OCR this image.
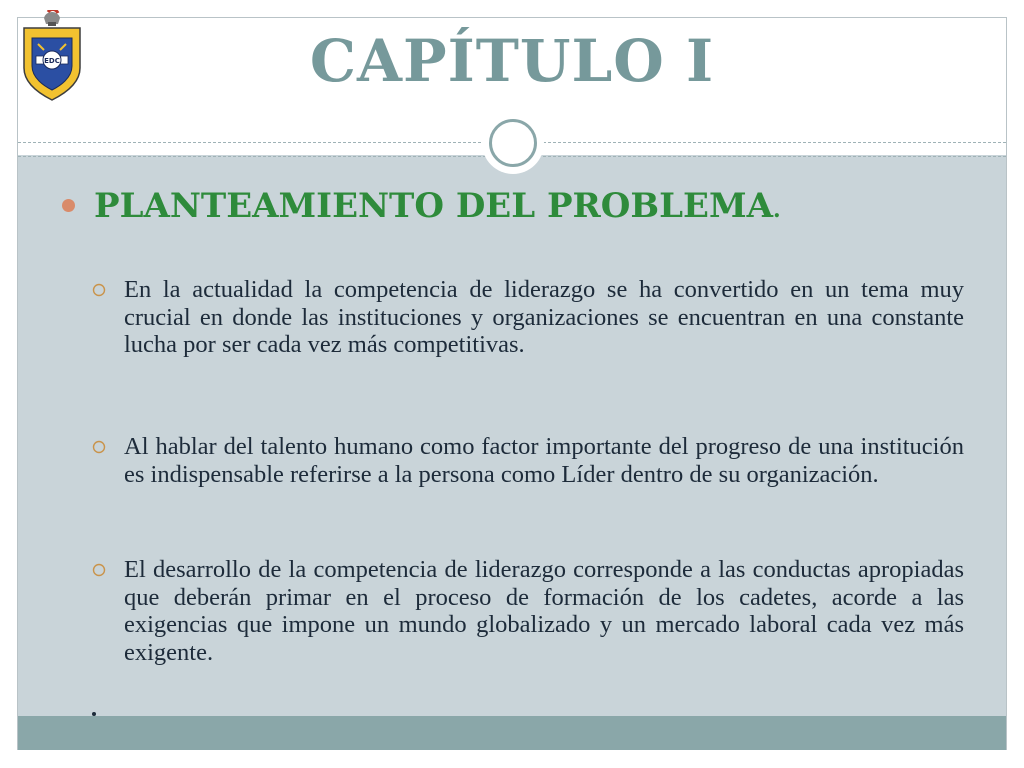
EDC	CAPÍTULO I
PLANTEAMIENTO DEL PROBLEMA.

En la actualidad la competencia de liderazgo se ha convertido en un tema muy crucial en donde las instituciones y organizaciones se encuentran en una constante lucha por ser cada vez más competitivas.

Al hablar del talento humano como factor importante del progreso de una institución es indispensable referirse a la persona como Líder dentro de su organización.

El desarrollo de la competencia de liderazgo corresponde a las conductas apropiadas que deberán primar en el proceso de formación de los cadetes, acorde a las exigencias que impone un mundo globalizado y un mercado laboral cada vez más exigente.
